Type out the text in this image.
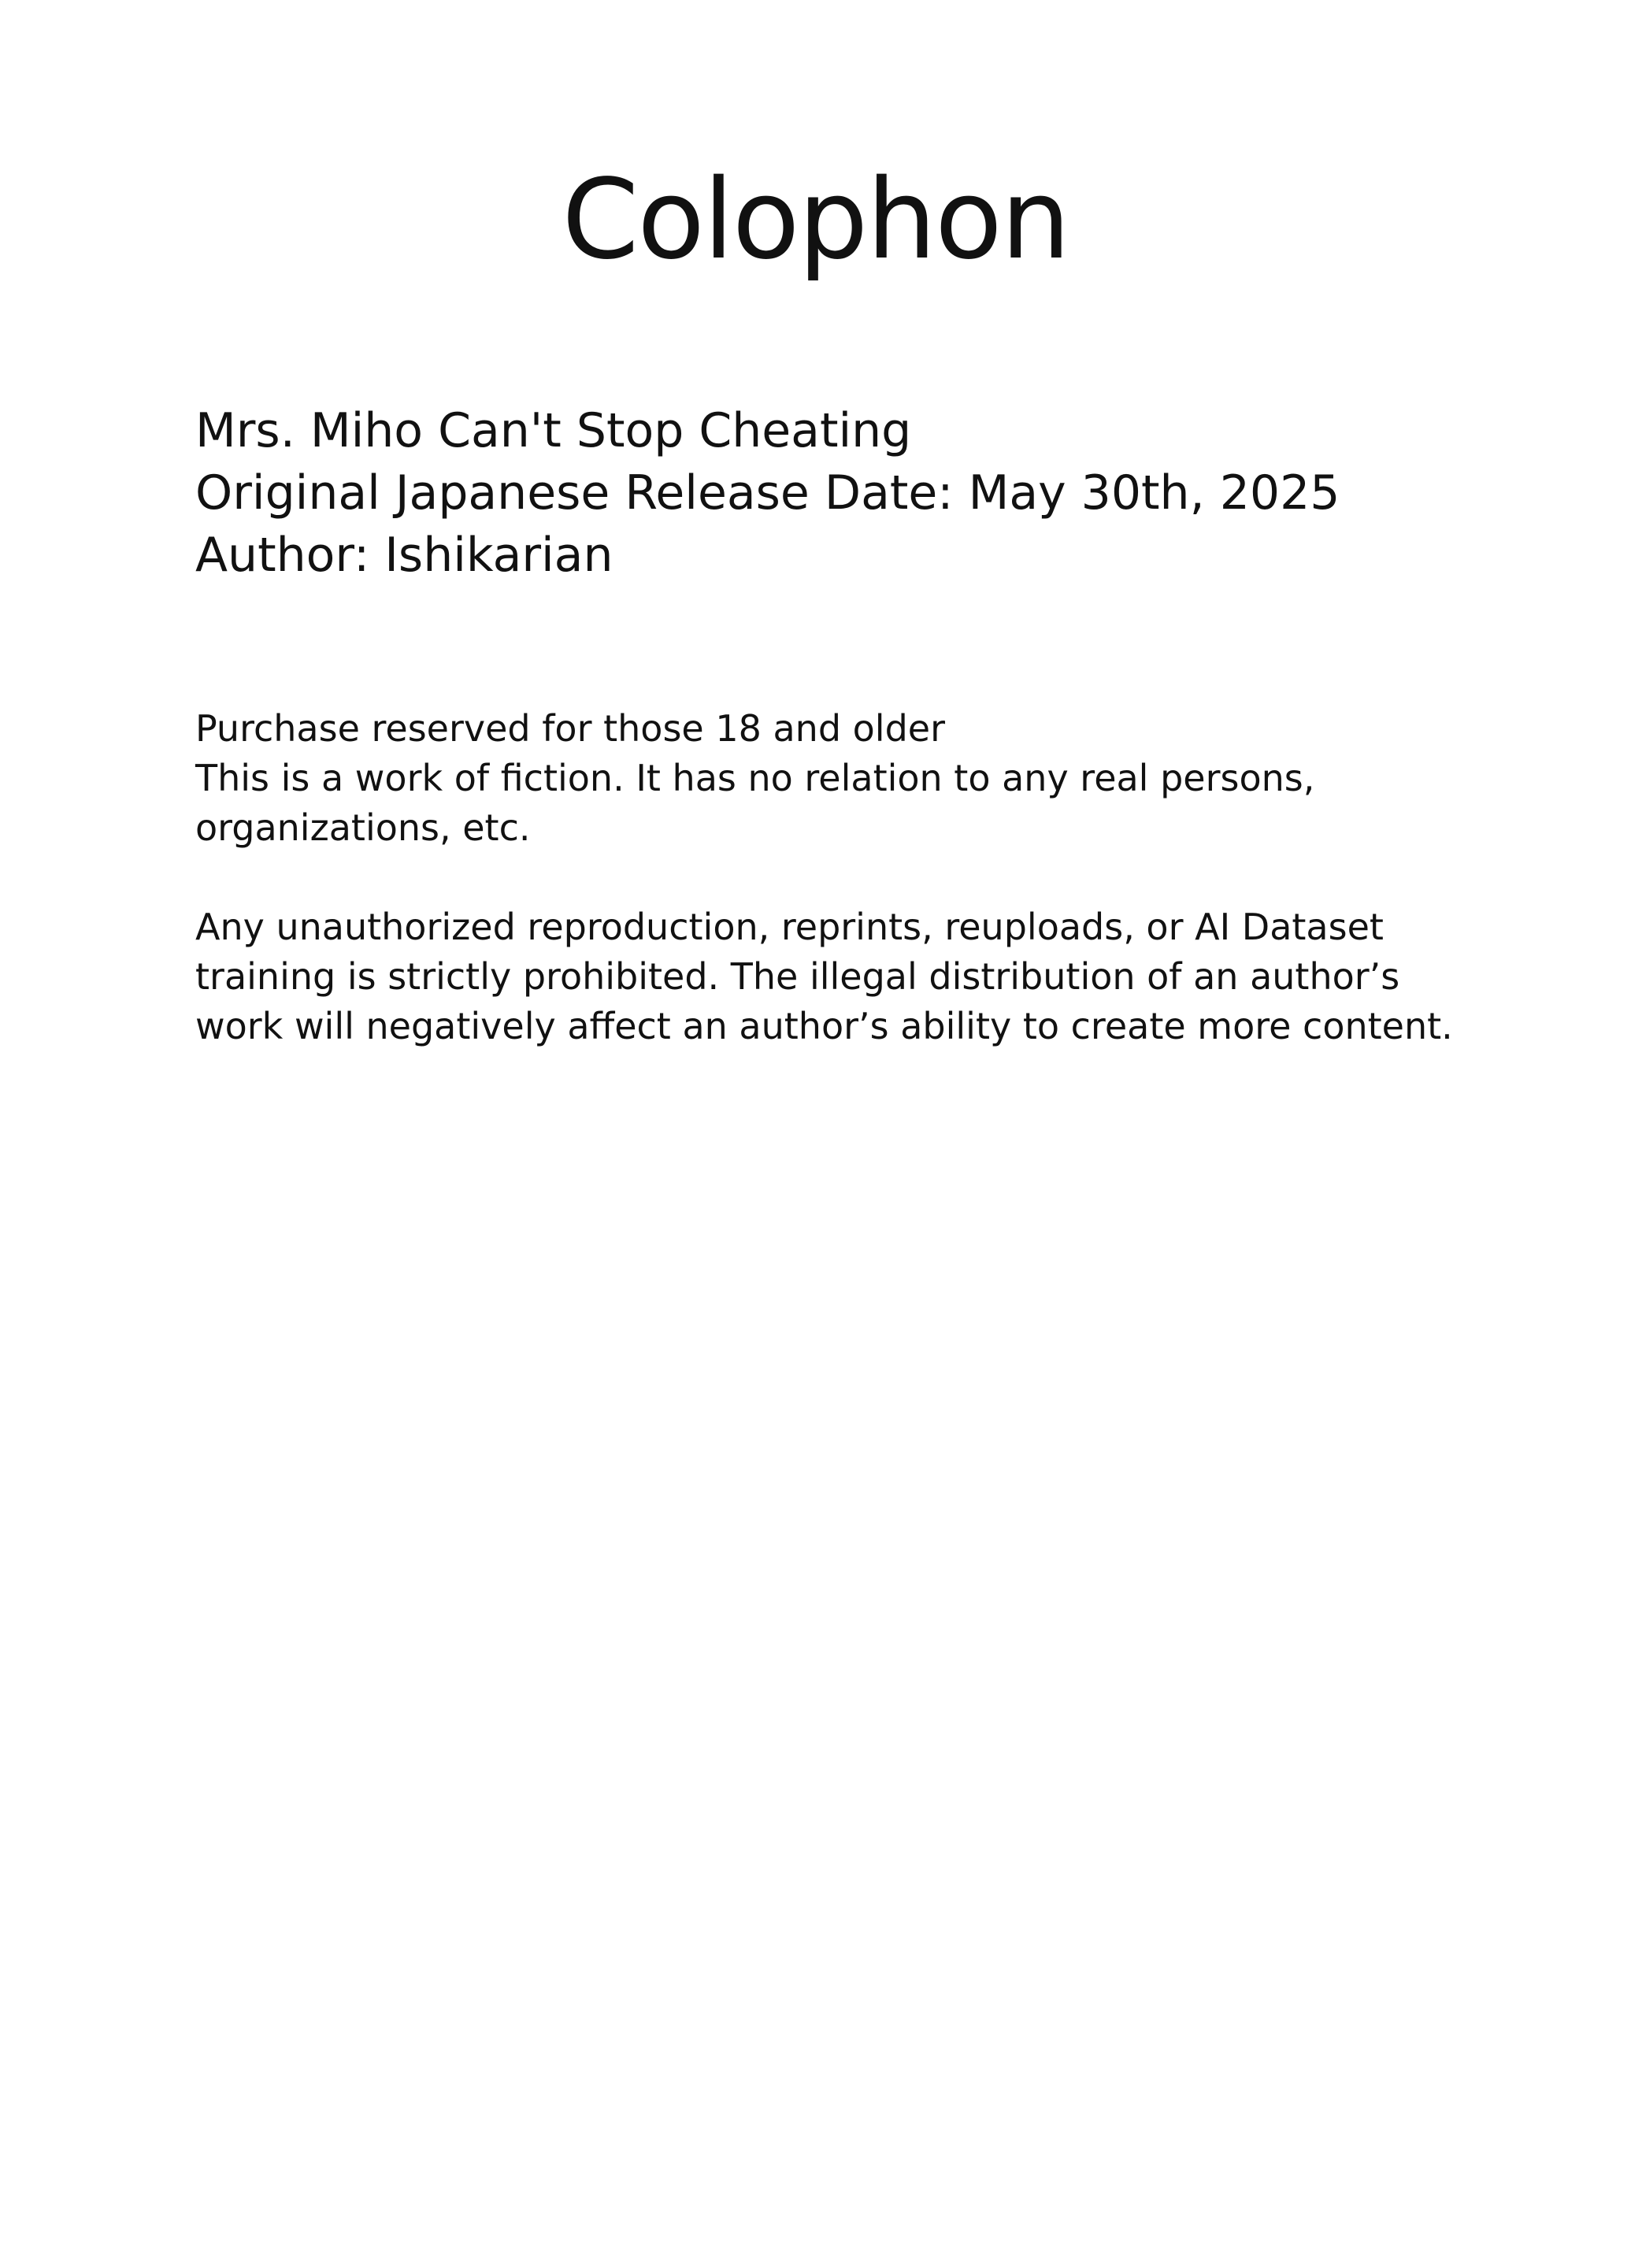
Colophon
Mrs. Miho Can't Stop Cheating
Original Japanese Release Date: May 30th, 2025
Author: Ishikarian

Purchase reserved for those 18 and older

This is a work of fiction. It has no relation to any real persons,
organizations, etc.

Any unauthorized reproduction, reprints, reuploads, or AI Dataset
training is strictly prohibited. The illegal distribution of an author’s
work will negatively affect an author’s ability to create more content.
